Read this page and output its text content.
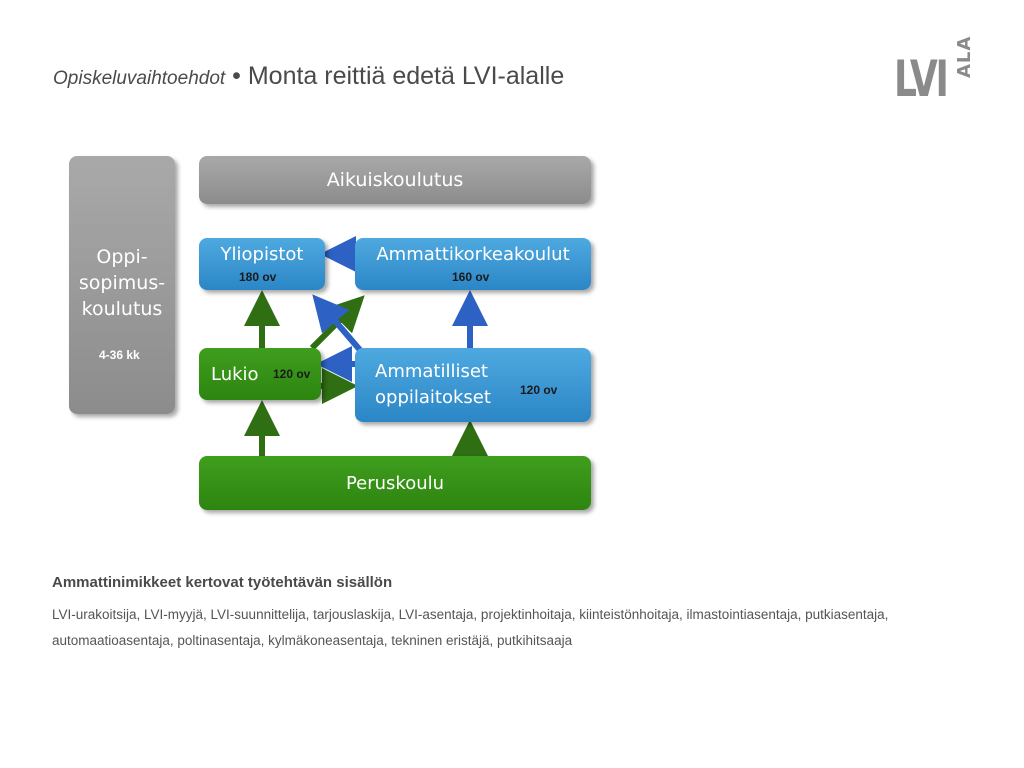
Opiskeluvaihtoehdot • Monta reittiä edetä LVI-alalle	LVI ALA
Aikuiskoulutus
Oppi-
sopimus-
koulutus
4-36 kk
Yliopistot
180 ov
Ammattikorkeakoulut
160 ov
Lukio 120 ov	Ammatilliset
oppilaitokset 120 ov
Peruskoulu
Ammattinimikkeet kertovat työtehtävän sisällön
LVI-urakoitsija, LVI-myyjä, LVI-suunnittelija, tarjouslaskija, LVI-asentaja, projektinhoitaja, kiinteistönhoitaja, ilmastointiasentaja, putkiasentaja, automaatioasentaja, poltinasentaja, kylmäkoneasentaja, tekninen eristäjä, putkihitsaaja
